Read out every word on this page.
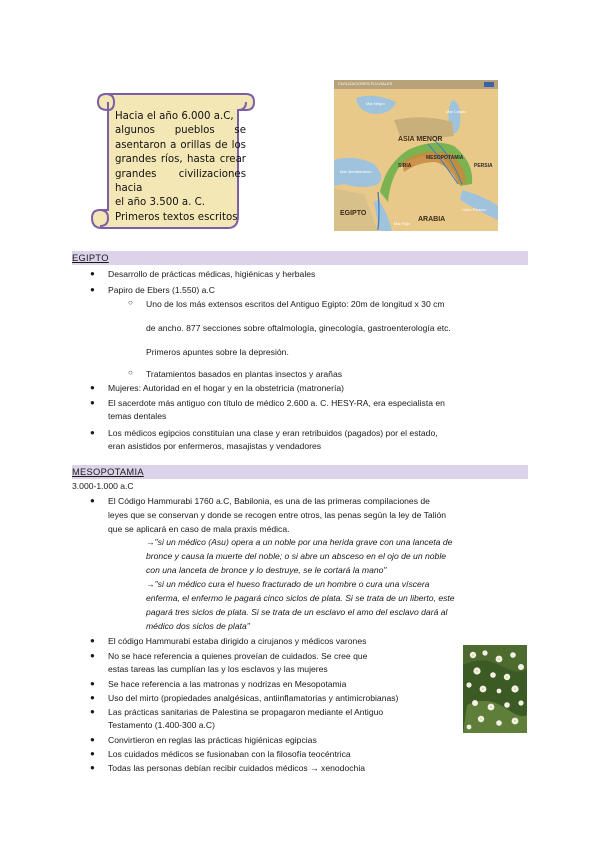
Hacia el año 6.000 a.C,
algunos pueblos se
asentaron a orillas de los
grandes ríos, hasta crear
grandes civilizaciones hacia
el año 3.500 a. C.
Primeros textos escritos
CIVILIZACIONES FLUVIALES
Mar Negro
Mar Caspio
ASIA MENOR
Mar Mediterráneo
SIRIA
MESOPOTAMIA
PERSIA
EGIPTO
Mar Rojo
ARABIA
Golfo Pérsico
EGIPTO
● Desarrollo de prácticas médicas, higiénicas y herbales
● Papiro de Ebers (1.550) a.C
○ Uno de los más extensos escritos del Antiguo Egipto: 20m de longitud x 30 cm
de ancho. 877 secciones sobre oftalmología, ginecología, gastroenterología etc.
Primeros apuntes sobre la depresión.
○ Tratamientos basados en plantas insectos y arañas
● Mujeres: Autoridad en el hogar y en la obstetricia (matronería)
● El sacerdote más antiguo con título de médico 2.600 a. C. HESY-RA, era especialista en
temas dentales
● Los médicos egipcios constituían una clase y eran retribuidos (pagados) por el estado,
eran asistidos por enfermeros, masajistas y vendadores
MESOPOTAMIA
3.000-1.000 a.C
● El Código Hammurabi 1760 a.C, Babilonia, es una de las primeras compilaciones de
leyes que se conservan y donde se recogen entre otros, las penas según la ley de Talión
que se aplicará en caso de mala praxis médica.
→"si un médico (Asu) opera a un noble por una herida grave con una lanceta de
bronce y causa la muerte del noble; o si abre un absceso en el ojo de un noble
con una lanceta de bronce y lo destruye, se le cortará la mano"
→"si un médico cura el hueso fracturado de un hombre o cura una víscera
enferma, el enfermo le pagará cinco siclos de plata. Si se trata de un liberto, este
pagará tres siclos de plata. Si se trata de un esclavo el amo del esclavo dará al
médico dos siclos de plata"
● El código Hammurabi estaba dirigido a cirujanos y médicos varones
● No se hace referencia a quienes proveían de cuidados. Se cree que
estas tareas las cumplían las y los esclavos y las mujeres
● Se hace referencia a las matronas y nodrizas en Mesopotamia
● Uso del mirto (propiedades analgésicas, antiinflamatorias y antimicrobianas)
● Las prácticas sanitarias de Palestina se propagaron mediante el Antiguo
Testamento (1.400-300 a.C)
● Convirtieron en reglas las prácticas higiénicas egipcias
● Los cuidados médicos se fusionaban con la filosofía teocéntrica
● Todas las personas debían recibir cuidados médicos → xenodochia
